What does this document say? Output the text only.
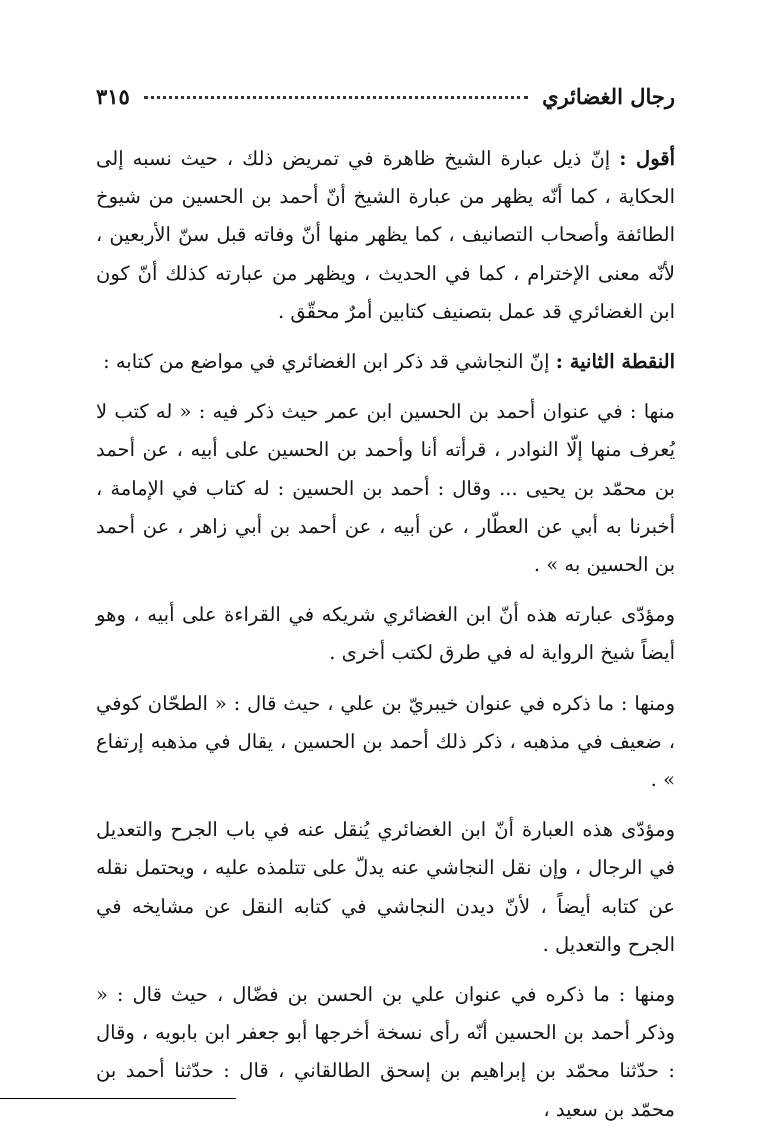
رجال الغضائري
٣١٥

أقول : إنّ ذيل عبارة الشيخ ظاهرة في تمريض ذلك ، حيث نسبه إلى الحكاية ، كما أنّه يظهر من عبارة الشيخ أنّ أحمد بن الحسين من شيوخ الطائفة وأصحاب التصانيف ، كما يظهر منها أنّ وفاته قبل سنّ الأربعين ، لأنّه معنى الإخترام ، كما في الحديث ، ويظهر من عبارته كذلك أنّ كون ابن الغضائري قد عمل بتصنيف كتابين أمرٌ محقّق .

النقطة الثانية : إنّ النجاشي قد ذكر ابن الغضائري في مواضع من كتابه :

منها : في عنوان أحمد بن الحسين ابن عمر حيث ذكر فيه : « له كتب لا يُعرف منها إلّا النوادر ، قرأته أنا وأحمد بن الحسين على أبيه ، عن أحمد بن محمّد بن يحيى ... وقال : أحمد بن الحسين : له كتاب في الإمامة ، أخبرنا به أبي عن العطّار ، عن أبيه ، عن أحمد بن أبي زاهر ، عن أحمد بن الحسين به » .

ومؤدّى عبارته هذه أنّ ابن الغضائري شريكه في القراءة على أبيه ، وهو أيضاً شيخ الرواية له في طرق لكتب أخرى .

ومنها : ما ذكره في عنوان خيبريّ بن علي ، حيث قال : « الطحّان كوفي ، ضعيف في مذهبه ، ذكر ذلك أحمد بن الحسين ، يقال في مذهبه إرتفاع » .

ومؤدّى هذه العبارة أنّ ابن الغضائري يُنقل عنه في باب الجرح والتعديل في الرجال ، وإن نقل النجاشي عنه يدلّ على تتلمذه عليه ، ويحتمل نقله عن كتابه أيضاً ، لأنّ ديدن النجاشي في كتابه النقل عن مشايخه في الجرح والتعديل .

ومنها : ما ذكره في عنوان علي بن الحسن بن فضّال ، حيث قال : « وذكر أحمد بن الحسين أنّه رأى نسخة أخرجها أبو جعفر ابن بابويه ، وقال : حدّثنا محمّد بن إبراهيم بن إسحق الطالقاني ، قال : حدّثنا أحمد بن محمّد بن سعيد ،
